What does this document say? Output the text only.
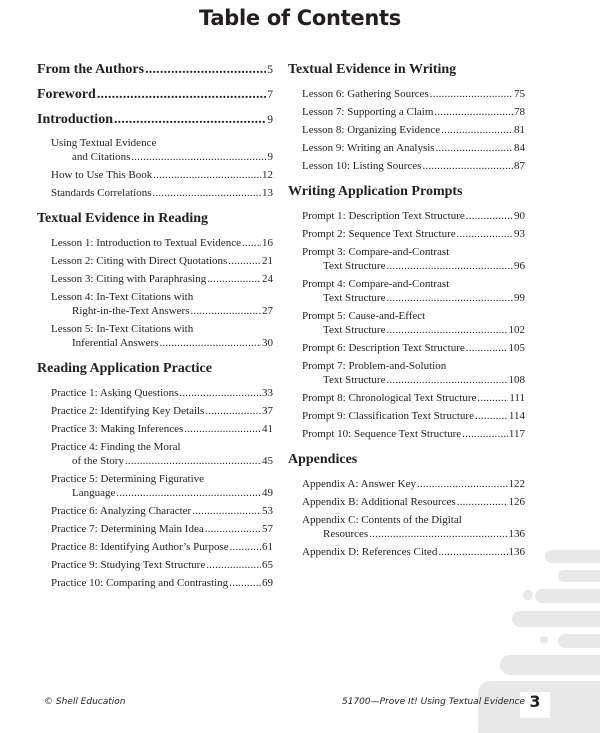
Table of Contents
From the Authors .....	5
Foreword .....	7
Introduction .....	9
Using Textual Evidence
and Citations .....	9
How to Use This Book .....	12
Standards Correlations .....	13
Textual Evidence in Reading
Lesson 1: Introduction to Textual Evidence ..... 16
Lesson 2: Citing with Direct Quotations .....	21
Lesson 3: Citing with Paraphrasing .....	24
Lesson 4: In-Text Citations with
Right-in-the-Text Answers .....	27
Lesson 5: In-Text Citations with
Inferential Answers .....	30
Reading Application Practice
Practice 1: Asking Questions .....	33
Practice 2: Identifying Key Details .....	37
Practice 3: Making Inferences .....	41
Practice 4: Finding the Moral
of the Story .....	45
Practice 5: Determining Figurative
Language .....	49
Practice 6: Analyzing Character .....	53
Practice 7: Determining Main Idea .....	57
Practice 8: Identifying Author’s Purpose .....	61
Practice 9: Studying Text Structure .....	65
Practice 10: Comparing and Contrasting .....	69
Textual Evidence in Writing
Lesson 6: Gathering Sources .....	75
Lesson 7: Supporting a Claim .....	78
Lesson 8: Organizing Evidence .....	81
Lesson 9: Writing an Analysis .....	84
Lesson 10: Listing Sources .....	87
Writing Application Prompts
Prompt 1: Description Text Structure .....	90
Prompt 2: Sequence Text Structure .....	93
Prompt 3: Compare-and-Contrast
Text Structure .....	96
Prompt 4: Compare-and-Contrast
Text Structure .....	99
Prompt 5: Cause-and-Effect
Text Structure .....	102
Prompt 6: Description Text Structure .....	105
Prompt 7: Problem-and-Solution
Text Structure .....	108
Prompt 8: Chronological Text Structure .....	111
Prompt 9: Classification Text Structure .....	114
Prompt 10: Sequence Text Structure .....	117
Appendices
Appendix A: Answer Key .....	122
Appendix B: Additional Resources .....	126
Appendix C: Contents of the Digital
Resources .....	136
Appendix D: References Cited .....	136
© Shell Education	51700—Prove It! Using Textual Evidence 3
